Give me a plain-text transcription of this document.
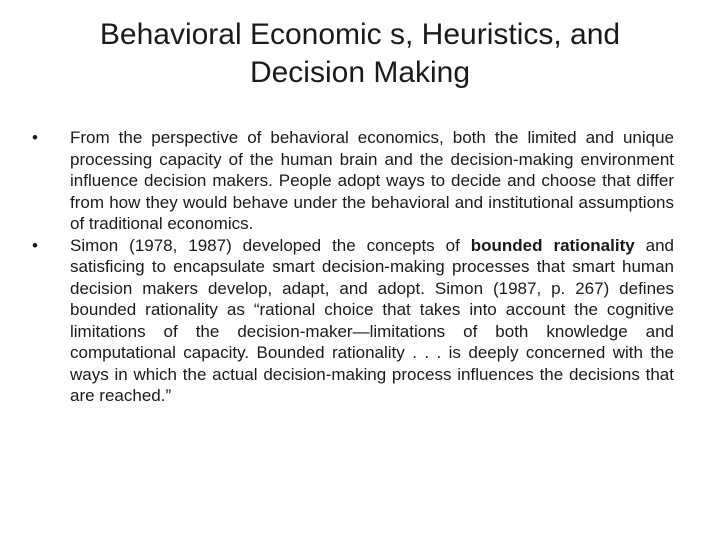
Behavioral Economic s, Heuristics, and Decision Making
•	From the perspective of behavioral economics, both the limited and unique processing capacity of the human brain and the decision-making environment influence decision makers. People adopt ways to decide and choose that differ from how they would behave under the behavioral and institutional assumptions of traditional economics.
•	Simon (1978, 1987) developed the concepts of bounded rationality and satisficing to encapsulate smart decision-making processes that smart human decision makers develop, adapt, and adopt. Simon (1987, p. 267) defines bounded rationality as “rational choice that takes into account the cognitive limitations of the decision-maker—limitations of both knowledge and computational capacity. Bounded rationality . . . is deeply concerned with the ways in which the actual decision-making process influences the decisions that are reached.”
